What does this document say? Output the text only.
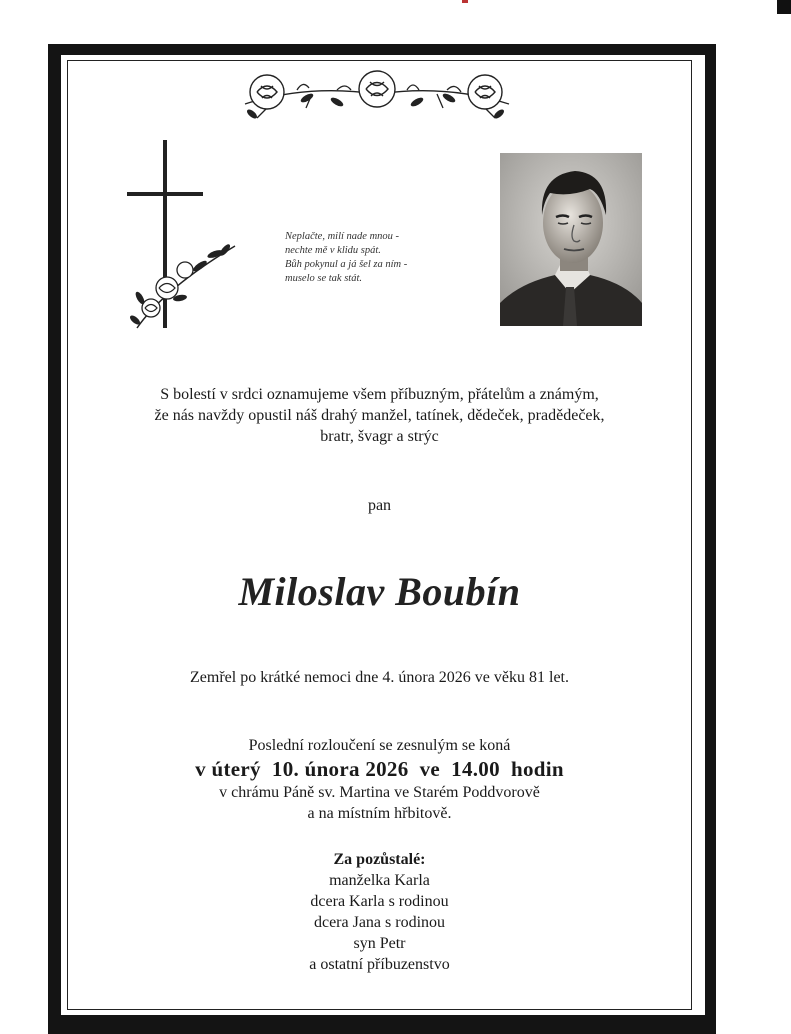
Neplačte, milí nade mnou -
nechte mě v klidu spát.
Bůh pokynul a já šel za ním -
muselo se tak stát.
S bolestí v srdci oznamujeme všem příbuzným, přátelům a známým,
že nás navždy opustil náš drahý manžel, tatínek, dědeček, pradědeček,
bratr, švagr a strýc
pan
Miloslav Boubín
Zemřel po krátké nemoci dne 4. února 2026 ve věku 81 let.
Poslední rozloučení se zesnulým se koná
v úterý  10. února 2026  ve  14.00  hodin
v chrámu Páně sv. Martina ve Starém Poddvorově
a na místním hřbitově.
Za pozůstalé:
manželka Karla
dcera Karla s rodinou
dcera Jana s rodinou
syn Petr
a ostatní příbuzenstvo
